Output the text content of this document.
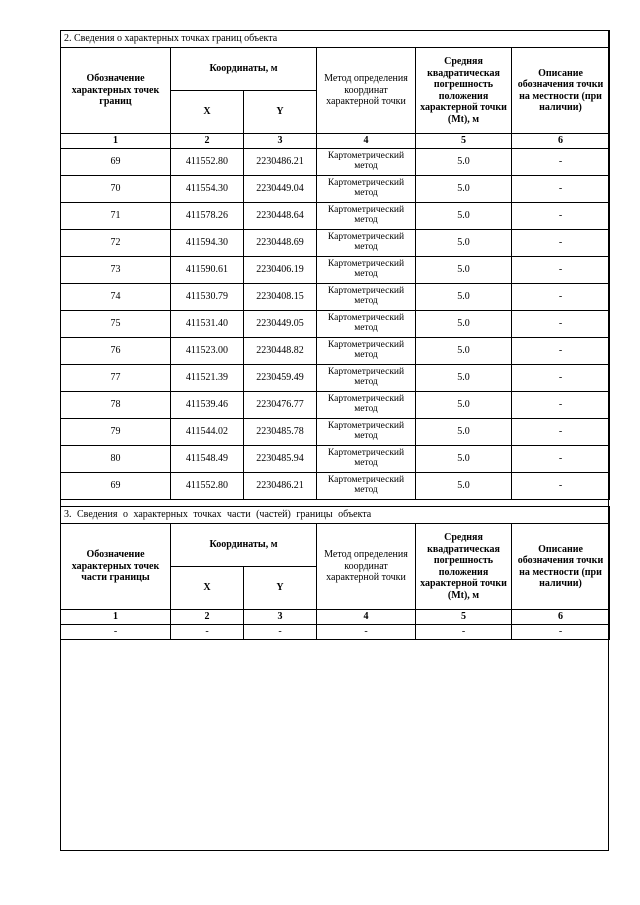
2. Сведения о характерных точках границ объекта					
Обозначение характерных точек границ	Координаты, м		Метод определения координат характерной точки	Средняя квадратическая погрешность положения характерной точки (Mt), м	Описание обозначения точки на местности (при наличии)
	X	Y			
1	2	3	4	5	6
69	411552.80	2230486.21	Картометрический метод	5.0	-
70	411554.30	2230449.04	Картометрический метод	5.0	-
71	411578.26	2230448.64	Картометрический метод	5.0	-
72	411594.30	2230448.69	Картометрический метод	5.0	-
73	411590.61	2230406.19	Картометрический метод	5.0	-
74	411530.79	2230408.15	Картометрический метод	5.0	-
75	411531.40	2230449.05	Картометрический метод	5.0	-
76	411523.00	2230448.82	Картометрический метод	5.0	-
77	411521.39	2230459.49	Картометрический метод	5.0	-
78	411539.46	2230476.77	Картометрический метод	5.0	-
79	411544.02	2230485.78	Картометрический метод	5.0	-
80	411548.49	2230485.94	Картометрический метод	5.0	-
69	411552.80	2230486.21	Картометрический метод	5.0	-
3. Сведения о характерных точках части (частей) границы объекта					
Обозначение характерных точек части границы	Координаты, м		Метод определения координат характерной точки	Средняя квадратическая погрешность положения характерной точки (Mt), м	Описание обозначения точки на местности (при наличии)
	X	Y			
1	2	3	4	5	6
-	-	-	-	-	-
